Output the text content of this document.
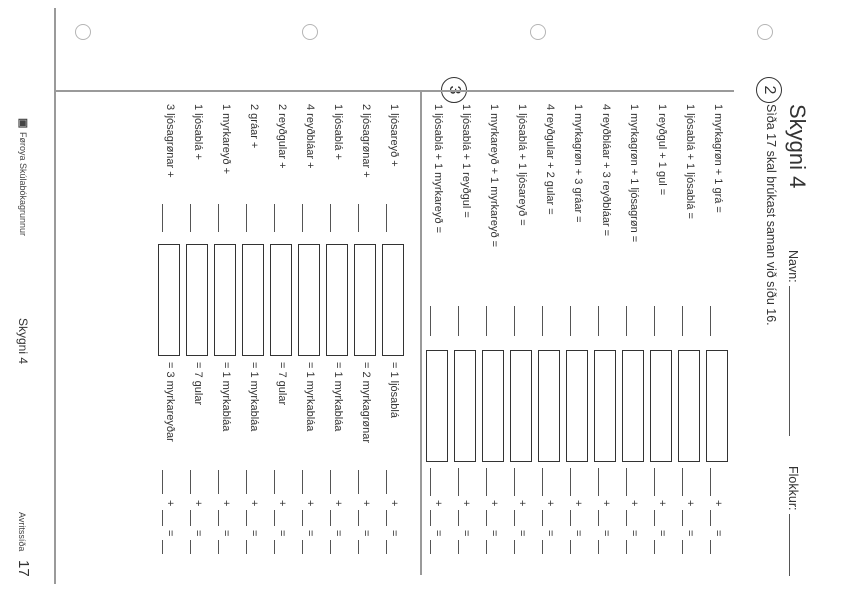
Skygni 4
Navn:
Flokkur:
Sìða 17 skal brúkast saman við síðu 16.
2
1 myrkagrøn + 1 grá =
+
=
1 ljósablá + 1 ljósablá =
+
=
1 reyðgul + 1 gul =
+
=
1 myrkagrøn + 1 ljósagrøn =
+
=
4 reyðbláar + 3 reyðbláar =
+
=
1 myrkagrøn + 3 gráar =
+
=
4 reyðgular + 2 gular =
+
=
1 ljósablá + 1 ljósareyð =
+
=
1 myrkareyð + 1 myrkareyð =
+
=
1 ljósablá + 1 reyðgul =
+
=
1 ljósablá + 1 myrkareyð =
+
=
1 ljósareyð +
= 1 ljósablá
+
=
2 ljósagrønar +
= 2 myrkagrønar
+
=
1 ljósablá +
= 1 myrkabláa
+
=
4 reyðbláar +
= 1 myrkabláa
+
=
2 reyðgular +
= 7 gular
+
=
2 gráar +
= 1 myrkabláa
+
=
1 myrkareyð +
= 1 myrkabláa
+
=
1 ljósablá +
= 7 gular
+
=
3 ljósagrønar +
= 3 myrkareyðar
+
=
▣
Føroya Skúlabókagrunnur
Skygni 4
Avritssíða
17
